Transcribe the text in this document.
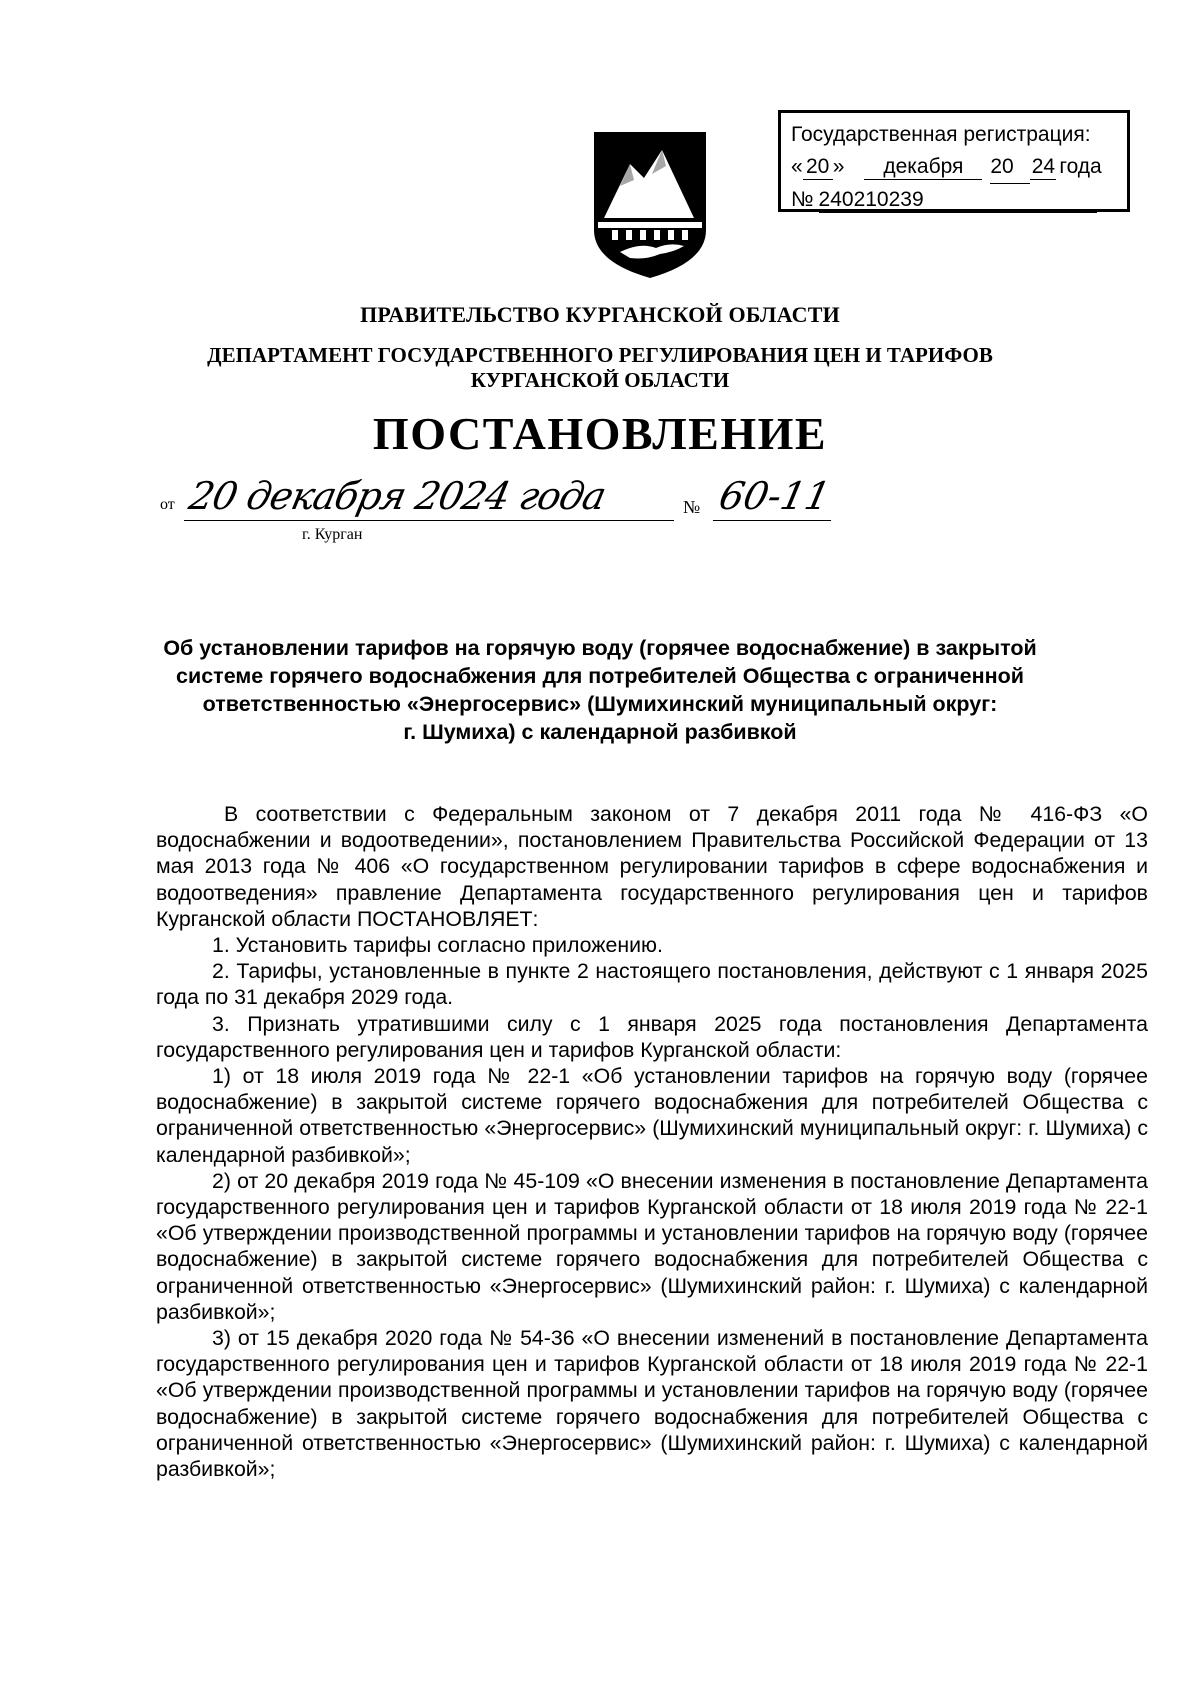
Государственная регистрация:
« 20 »	декабря	20 24 года
№ 240210239
ПРАВИТЕЛЬСТВО КУРГАНСКОЙ ОБЛАСТИ
ДЕПАРТАМЕНТ ГОСУДАРСТВЕННОГО РЕГУЛИРОВАНИЯ ЦЕН И ТАРИФОВ
КУРГАНСКОЙ ОБЛАСТИ
ПОСТАНОВЛЕНИЕ
от 20 декабря 2024 года	№ 60-11
г. Курган
Об установлении тарифов на горячую воду (горячее водоснабжение) в закрытой
системе горячего водоснабжения для потребителей Общества с ограниченной
ответственностью «Энергосервис» (Шумихинский муниципальный округ:
г. Шумиха) с календарной разбивкой

В соответствии с Федеральным законом от 7 декабря 2011 года № 416-ФЗ «О водоснабжении и водоотведении», постановлением Правительства Российской Федерации от 13 мая 2013 года № 406 «О государственном регулировании тарифов в сфере водоснабжения и водоотведения» правление Департамента государственного регулирования цен и тарифов Курганской области ПОСТАНОВЛЯЕТ:

1. Установить тарифы согласно приложению.

2. Тарифы, установленные в пункте 2 настоящего постановления, действуют с 1 января 2025 года по 31 декабря 2029 года.

3. Признать утратившими силу с 1 января 2025 года постановления Департамента государственного регулирования цен и тарифов Курганской области:

1) от 18 июля 2019 года № 22-1 «Об установлении тарифов на горячую воду (горячее водоснабжение) в закрытой системе горячего водоснабжения для потребителей Общества с ограниченной ответственностью «Энергосервис» (Шумихинский муниципальный округ: г. Шумиха) с календарной разбивкой»;

2) от 20 декабря 2019 года № 45-109 «О внесении изменения в постановление Департамента государственного регулирования цен и тарифов Курганской области от 18 июля 2019 года № 22-1 «Об утверждении производственной программы и установлении тарифов на горячую воду (горячее водоснабжение) в закрытой системе горячего водоснабжения для потребителей Общества с ограниченной ответственностью «Энергосервис» (Шумихинский район: г. Шумиха) с календарной разбивкой»;

3) от 15 декабря 2020 года № 54-36 «О внесении изменений в постановление Департамента государственного регулирования цен и тарифов Курганской области от 18 июля 2019 года № 22-1 «Об утверждении производственной программы и установлении тарифов на горячую воду (горячее водоснабжение) в закрытой системе горячего водоснабжения для потребителей Общества с ограниченной ответственностью «Энергосервис» (Шумихинский район: г. Шумиха) с календарной разбивкой»;
